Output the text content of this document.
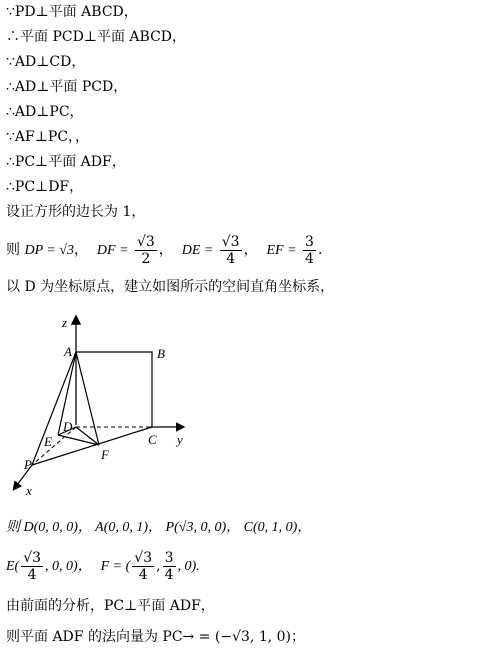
∵PD⊥平面 ABCD，
∴平面 PCD⊥平面 ABCD，
∵AD⊥CD，
∴AD⊥平面 PCD，
∴AD⊥PC，
∵AF⊥PC，，
∴PC⊥平面 ADF，
∴PC⊥DF，
设正方形的边长为 1，
则 DP = √3， DF = $\frac{√3}{2}$ ， DE = $\frac{√3}{4}$ ， EF = $\frac{3}{4}$ .
以 D 为坐标原点，建立如图所示的空间直角坐标系，
z
A	B
D
C y
E
F
P
x
则 D(0, 0, 0)， A(0, 0, 1)， P(√3, 0, 0)， C(0, 1, 0)，
$E( \frac{√3}{4}$ , 0, 0)， F = ( $\frac{√3}{4}$ , $\frac{3}{4}$ , 0).
由前面的分析，PC⊥平面 ADF，
则平面 ADF 的法向量为 PC→ = (−√3, 1, 0)；
